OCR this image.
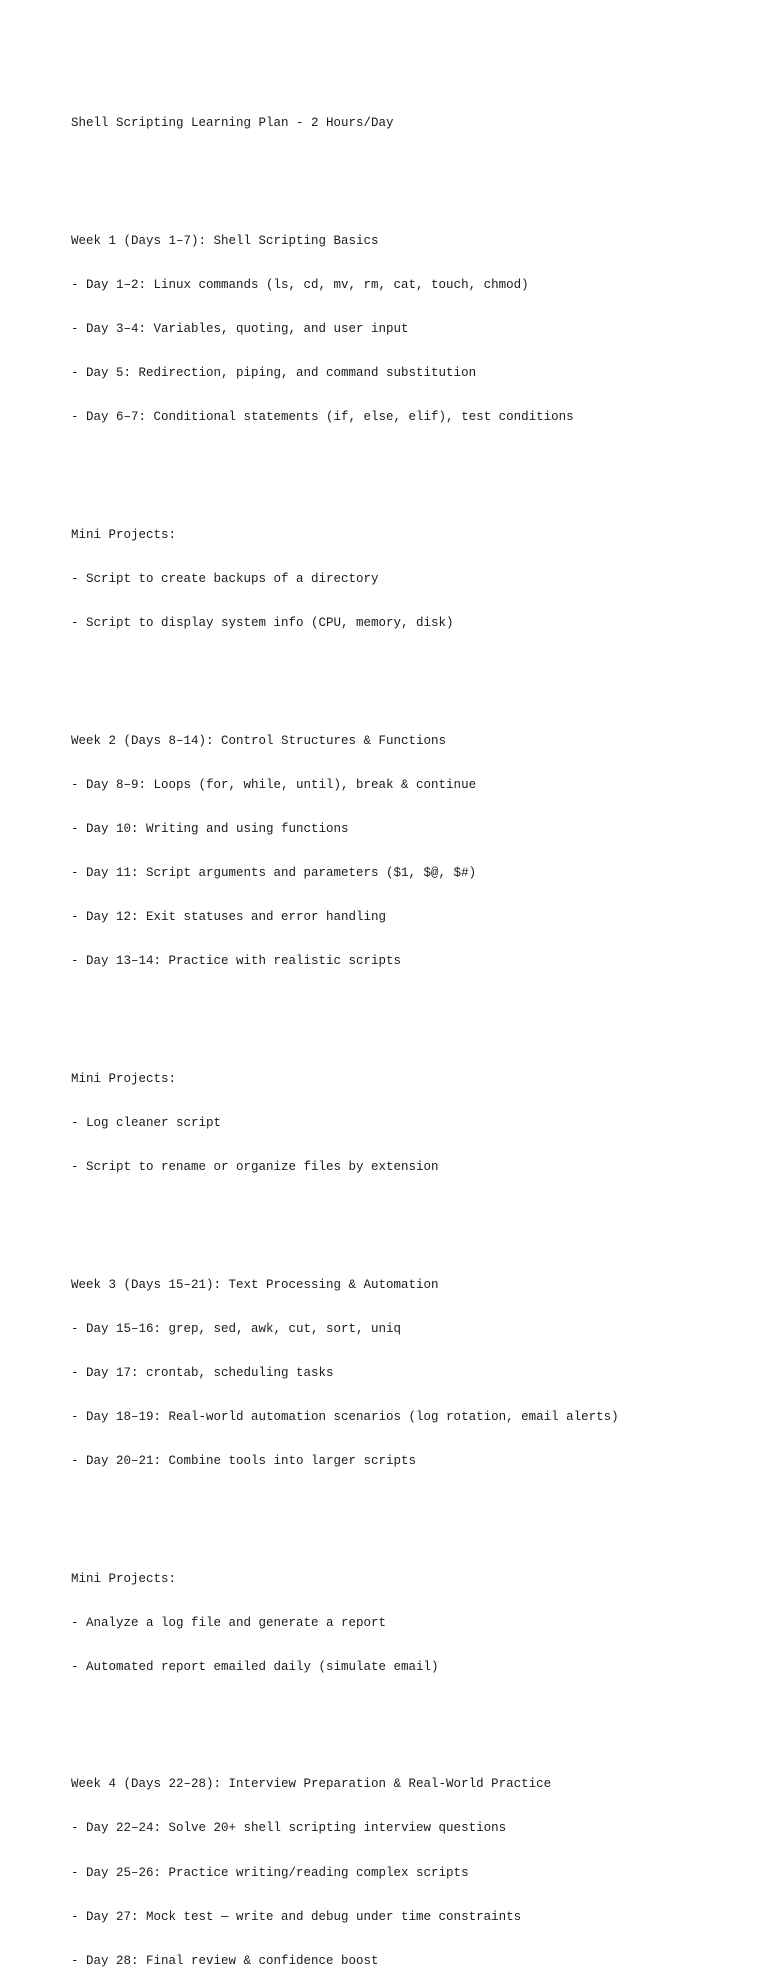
Shell Scripting Learning Plan - 2 Hours/Day

Week 1 (Days 1–7): Shell Scripting Basics

- Day 1–2: Linux commands (ls, cd, mv, rm, cat, touch, chmod)

- Day 3–4: Variables, quoting, and user input

- Day 5: Redirection, piping, and command substitution

- Day 6–7: Conditional statements (if, else, elif), test conditions

Mini Projects:

- Script to create backups of a directory

- Script to display system info (CPU, memory, disk)

Week 2 (Days 8–14): Control Structures & Functions

- Day 8–9: Loops (for, while, until), break & continue

- Day 10: Writing and using functions

- Day 11: Script arguments and parameters ($1, $@, $#)

- Day 12: Exit statuses and error handling

- Day 13–14: Practice with realistic scripts

Mini Projects:

- Log cleaner script

- Script to rename or organize files by extension

Week 3 (Days 15–21): Text Processing & Automation

- Day 15–16: grep, sed, awk, cut, sort, uniq

- Day 17: crontab, scheduling tasks

- Day 18–19: Real-world automation scenarios (log rotation, email alerts)

- Day 20–21: Combine tools into larger scripts

Mini Projects:

- Analyze a log file and generate a report

- Automated report emailed daily (simulate email)

Week 4 (Days 22–28): Interview Preparation & Real-World Practice

- Day 22–24: Solve 20+ shell scripting interview questions

- Day 25–26: Practice writing/reading complex scripts

- Day 27: Mock test — write and debug under time constraints

- Day 28: Final review & confidence boost
